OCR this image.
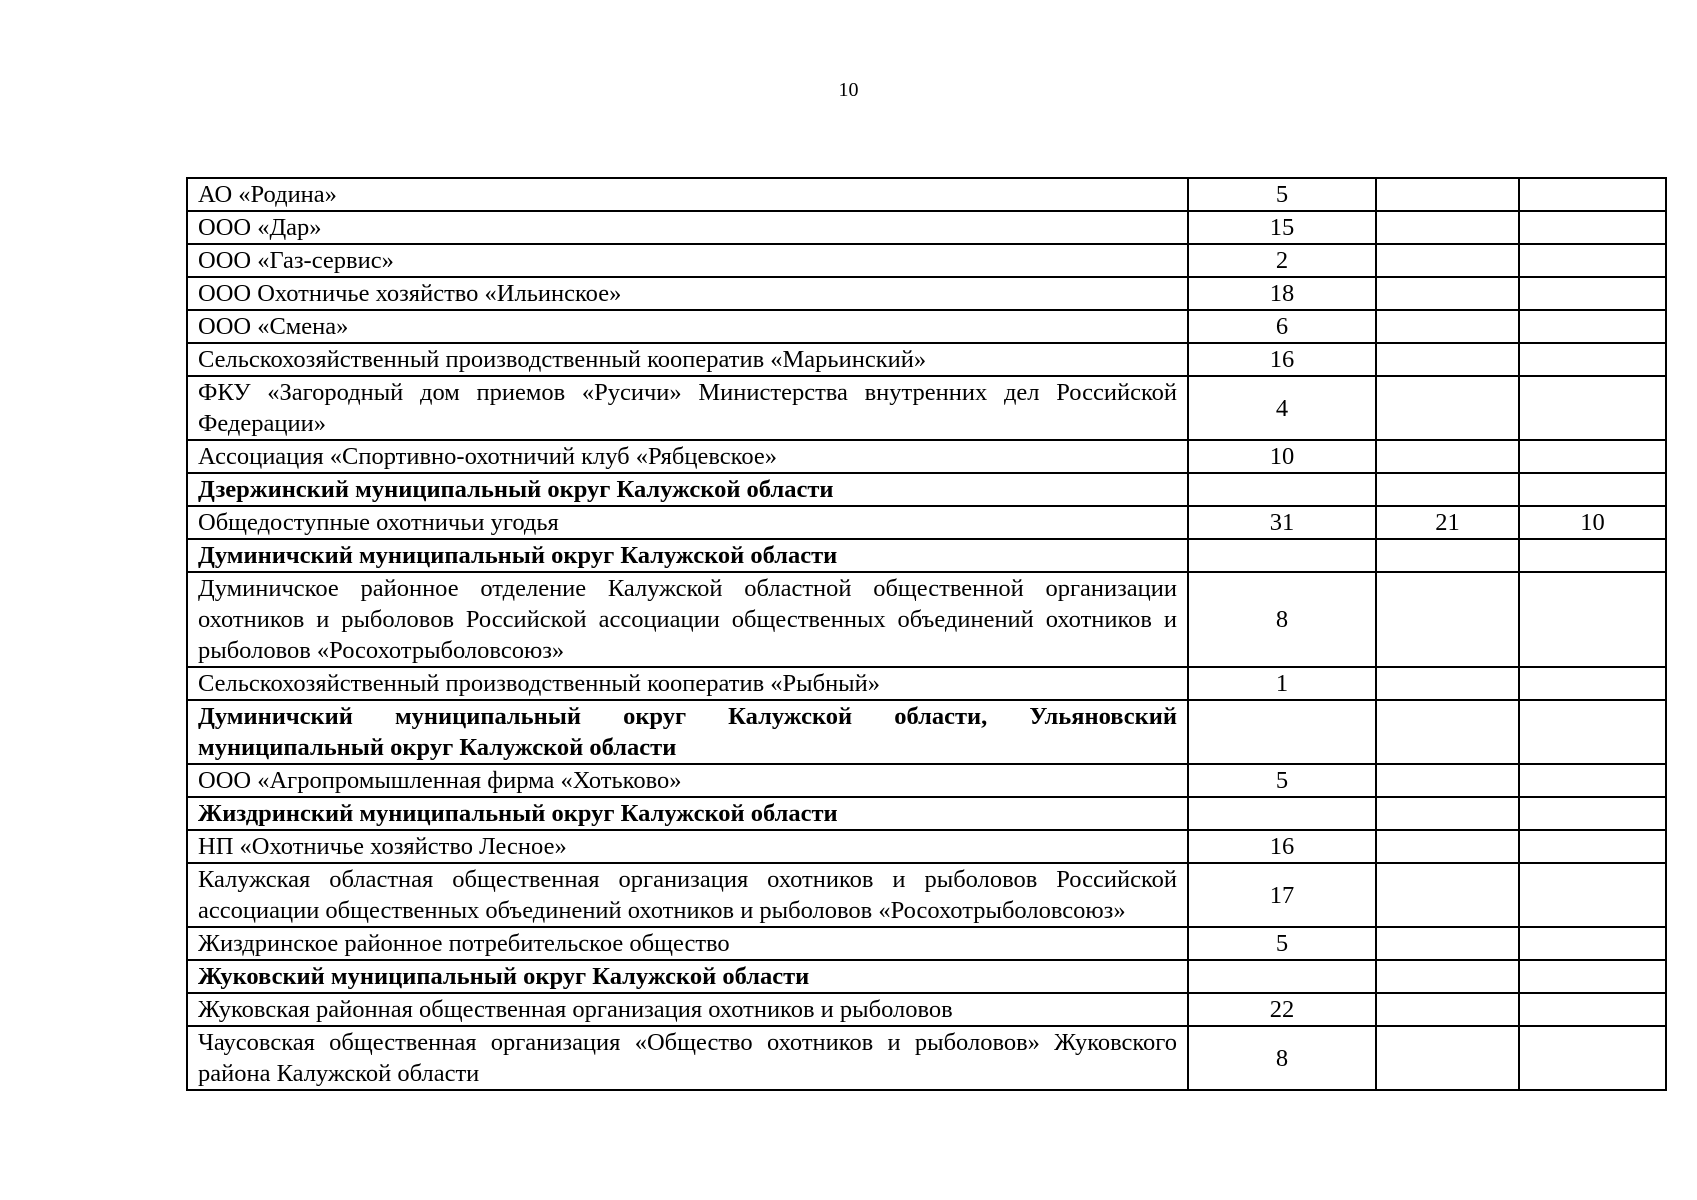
10
АО «Родина»	5		
ООО «Дар»	15		
ООО «Газ-сервис»	2		
ООО Охотничье хозяйство «Ильинское»	18		
ООО «Смена»	6		
Сельскохозяйственный производственный кооператив «Марьинский»	16		
ФКУ «Загородный дом приемов «Русичи» Министерства внутренних дел Российской Федерации»	4		
Ассоциация «Спортивно-охотничий клуб «Рябцевское»	10		
Дзержинский муниципальный округ Калужской области			
Общедоступные охотничьи угодья	31	21	10
Думиничский муниципальный округ Калужской области			
Думиничское районное отделение Калужской областной общественной организации охотников и рыболовов Российской ассоциации общественных объединений охотников и рыболовов «Росохотрыболовсоюз»	8		
Сельскохозяйственный производственный кооператив «Рыбный»	1		
Думиничский муниципальный округ Калужской области, Ульяновский муниципальный округ Калужской области			
ООО «Агропромышленная фирма «Хотьково»	5		
Жиздринский муниципальный округ Калужской области			
НП «Охотничье хозяйство Лесное»	16		
Калужская областная общественная организация охотников и рыболовов Российской ассоциации общественных объединений охотников и рыболовов «Росохотрыболовсоюз»	17		
Жиздринское районное потребительское общество	5		
Жуковский муниципальный округ Калужской области			
Жуковская районная общественная организация охотников и рыболовов	22		
Чаусовская общественная организация «Общество охотников и рыболовов» Жуковского района Калужской области	8		
